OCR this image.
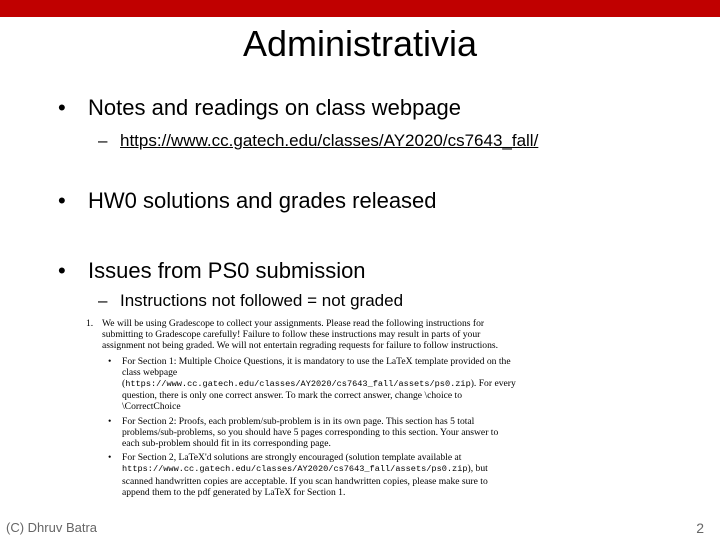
Administrativia
• Notes and readings on class webpage
– https://www.cc.gatech.edu/classes/AY2020/cs7643_fall/
• HW0 solutions and grades released
• Issues from PS0 submission
– Instructions not followed = not graded
1. We will be using Gradescope to collect your assignments. Please read the following instructions for submitting to Gradescope carefully! Failure to follow these instructions may result in parts of your assignment not being graded. We will not entertain regrading requests for failure to follow instructions.

• For Section 1: Multiple Choice Questions, it is mandatory to use the LaTeX template provided on the class webpage (https://www.cc.gatech.edu/classes/AY2020/cs7643_fall/assets/ps0.zip). For every question, there is only one correct answer. To mark the correct answer, change \choice to \CorrectChoice
• For Section 2: Proofs, each problem/sub-problem is in its own page. This section has 5 total problems/sub-problems, so you should have 5 pages corresponding to this section. Your answer to each sub-problem should fit in its corresponding page.
• For Section 2, LaTeX'd solutions are strongly encouraged (solution template available at https://www.cc.gatech.edu/classes/AY2020/cs7643_fall/assets/ps0.zip), but scanned handwritten copies are acceptable. If you scan handwritten copies, please make sure to append them to the pdf generated by LaTeX for Section 1.
(C) Dhruv Batra	2
